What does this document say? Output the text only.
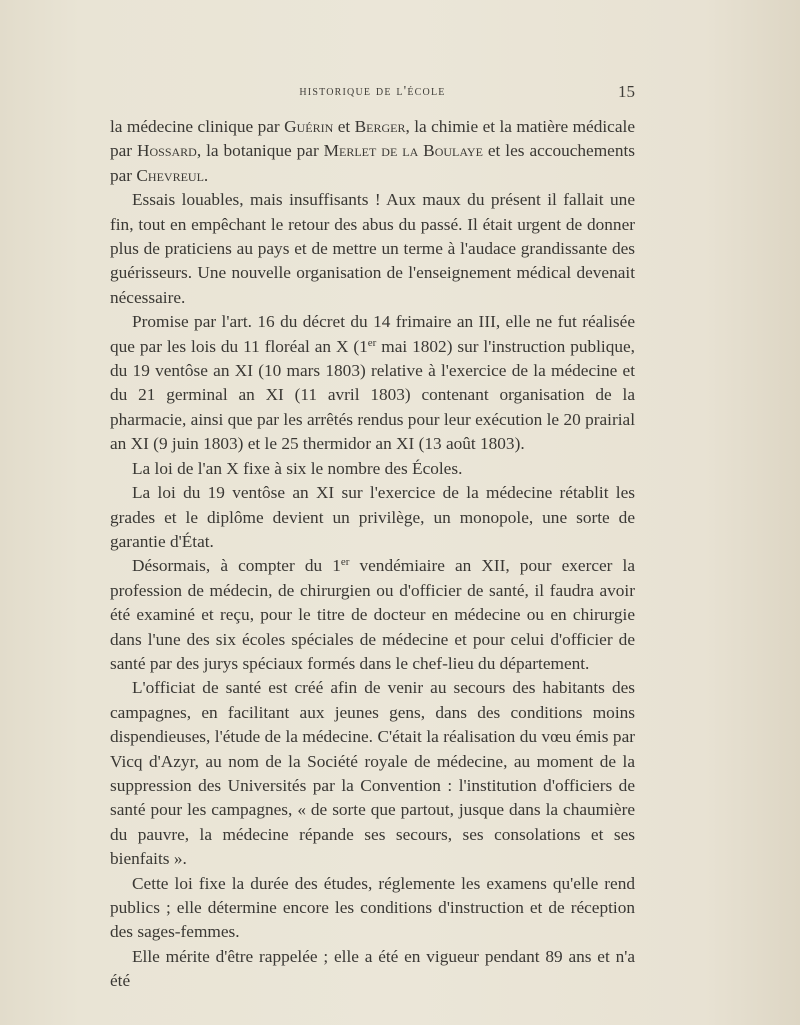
historique de l'école	15

la médecine clinique par Guérin et Berger, la chimie et la matière médicale par Hossard, la botanique par Merlet de la Boulaye et les accouchements par Chevreul.

Essais louables, mais insuffisants ! Aux maux du présent il fallait une fin, tout en empêchant le retour des abus du passé. Il était urgent de donner plus de praticiens au pays et de mettre un terme à l'audace grandissante des guérisseurs. Une nouvelle organisation de l'enseignement médical devenait nécessaire.

Promise par l'art. 16 du décret du 14 frimaire an III, elle ne fut réalisée que par les lois du 11 floréal an X (1er mai 1802) sur l'instruction publique, du 19 ventôse an XI (10 mars 1803) relative à l'exercice de la médecine et du 21 germinal an XI (11 avril 1803) contenant organisation de la pharmacie, ainsi que par les arrêtés rendus pour leur exécution le 20 prairial an XI (9 juin 1803) et le 25 thermidor an XI (13 août 1803).

La loi de l'an X fixe à six le nombre des Écoles.

La loi du 19 ventôse an XI sur l'exercice de la médecine rétablit les grades et le diplôme devient un privilège, un monopole, une sorte de garantie d'État.

Désormais, à compter du 1er vendémiaire an XII, pour exercer la profession de médecin, de chirurgien ou d'officier de santé, il faudra avoir été examiné et reçu, pour le titre de docteur en médecine ou en chirurgie dans l'une des six écoles spéciales de médecine et pour celui d'officier de santé par des jurys spéciaux formés dans le chef-lieu du département.

L'officiat de santé est créé afin de venir au secours des habitants des campagnes, en facilitant aux jeunes gens, dans des conditions moins dispendieuses, l'étude de la médecine. C'était la réalisation du vœu émis par Vicq d'Azyr, au nom de la Société royale de médecine, au moment de la suppression des Universités par la Convention : l'institution d'officiers de santé pour les campagnes, « de sorte que partout, jusque dans la chaumière du pauvre, la médecine répande ses secours, ses consolations et ses bienfaits ».

Cette loi fixe la durée des études, réglemente les examens qu'elle rend publics ; elle détermine encore les conditions d'instruction et de réception des sages-femmes.

Elle mérite d'être rappelée ; elle a été en vigueur pendant 89 ans et n'a été
